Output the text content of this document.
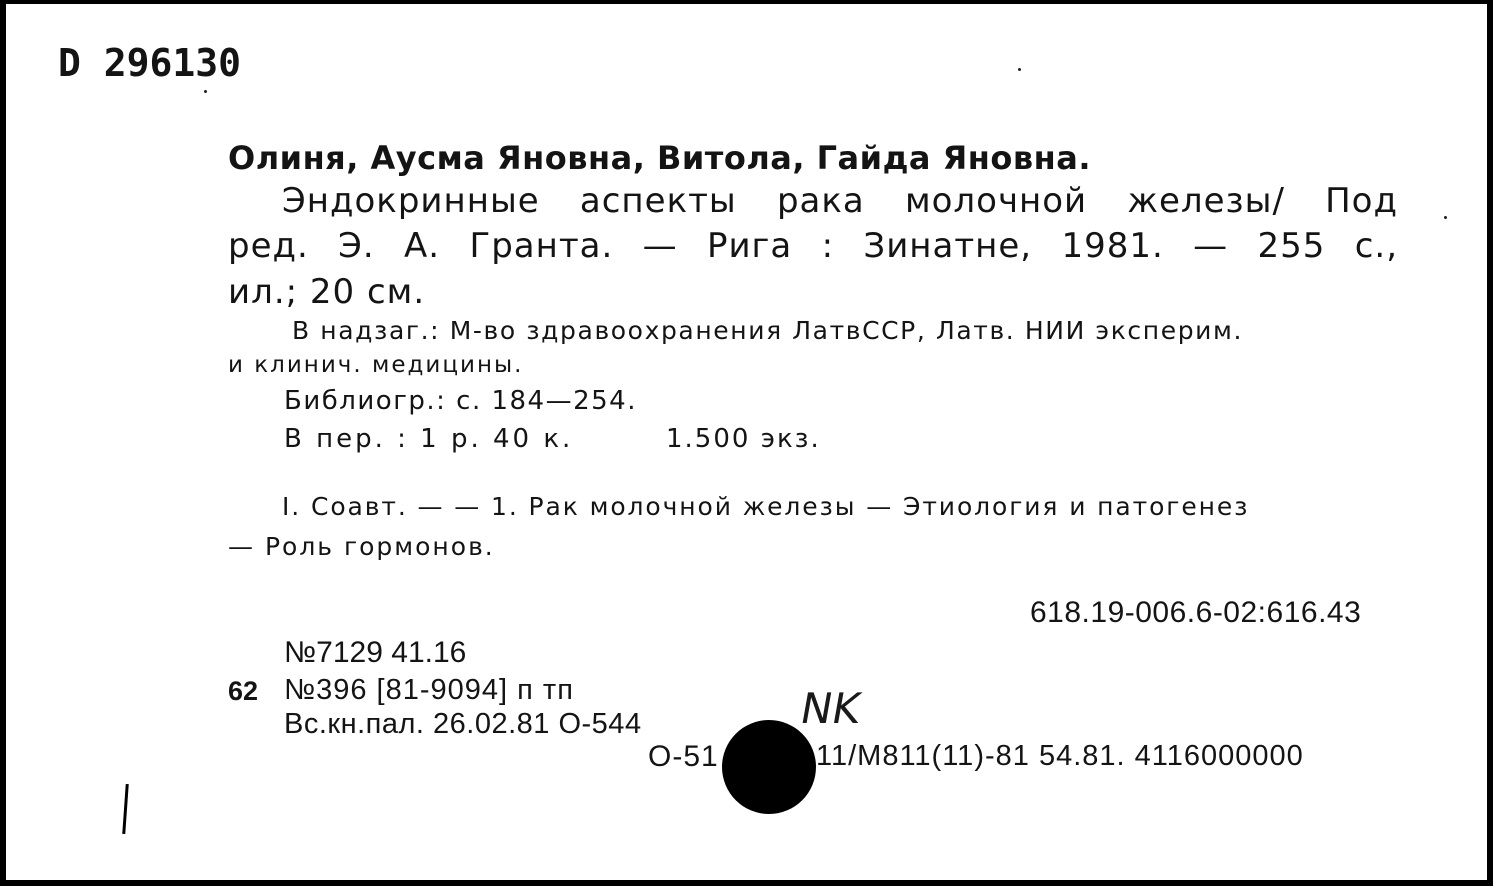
D 296130
Олиня, Аусма Яновна, Витола, Гайда Яновна.
Эндокринные аспекты рака молочной железы/ Под
ред. Э. А. Гранта. — Рига : Зинатне, 1981. — 255 с.,
ил.; 20 см.
В надзаг.: М-во здравоохранения ЛатвССР, Латв. НИИ эксперим.
и клинич. медицины.
Библиогр.: с. 184—254.
В пер. : 1 р. 40 к.	1.500 экз.
I. Соавт. — — 1. Рак молочной железы — Этиология и патогенез
— Роль гормонов.
618.19-006.6-02:616.43
№7129 41.16
62 №396 [81-9094] п тп
Вс.кн.пал. 26.02.81 О-544
О-51	11/М811(11)-81 54.81. 4116000000
NK
